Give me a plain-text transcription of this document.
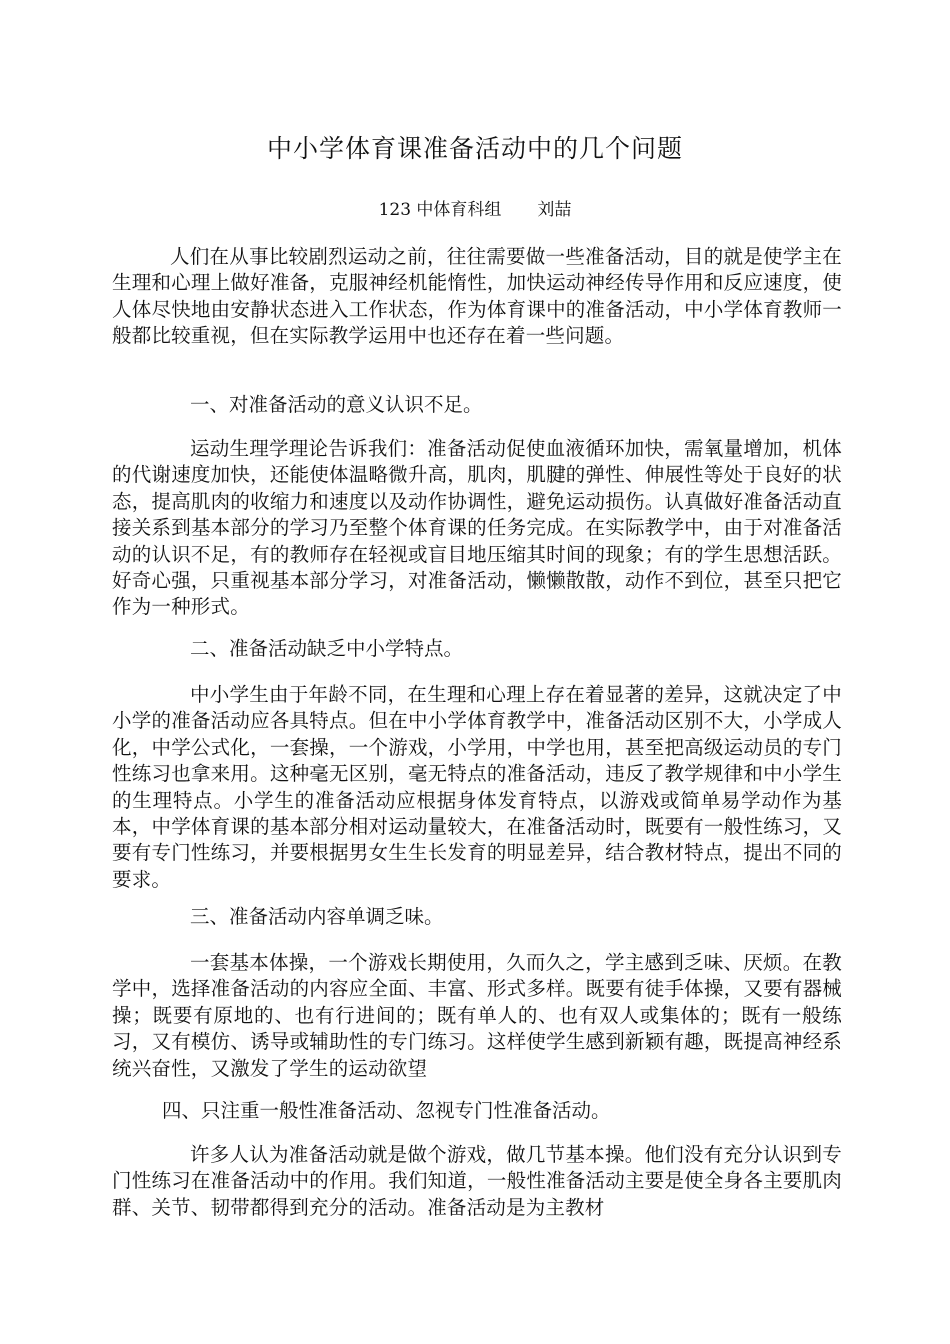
中小学体育课准备活动中的几个问题
123 中体育科组 刘喆

人们在从事比较剧烈运动之前，往往需要做一些准备活动，目的就是使学主在生理和心理上做好准备，克服神经机能惰性，加快运动神经传导作用和反应速度，使人体尽快地由安静状态进入工作状态，作为体育课中的准备活动，中小学体育教师一般都比较重视，但在实际教学运用中也还存在着一些问题。

一、对准备活动的意义认识不足。

运动生理学理论告诉我们：准备活动促使血液循环加快，需氧量增加，机体的代谢速度加快，还能使体温略微升高，肌肉，肌腱的弹性、伸展性等处于良好的状态，提高肌肉的收缩力和速度以及动作协调性，避免运动损伤。认真做好准备活动直接关系到基本部分的学习乃至整个体育课的任务完成。在实际教学中，由于对准备活动的认识不足，有的教师存在轻视或盲目地压缩其时间的现象；有的学生思想活跃。好奇心强，只重视基本部分学习，对准备活动，懒懒散散，动作不到位，甚至只把它作为一种形式。

二、准备活动缺乏中小学特点。

中小学生由于年龄不同，在生理和心理上存在着显著的差异，这就决定了中小学的准备活动应各具特点。但在中小学体育教学中，准备活动区别不大，小学成人化，中学公式化，一套操，一个游戏，小学用，中学也用，甚至把高级运动员的专门性练习也拿来用。这种毫无区别，毫无特点的准备活动，违反了教学规律和中小学生的生理特点。小学生的准备活动应根据身体发育特点，以游戏或简单易学动作为基本，中学体育课的基本部分相对运动量较大，在准备活动时，既要有一般性练习，又要有专门性练习，并要根据男女生生长发育的明显差异，结合教材特点，提出不同的要求。

三、准备活动内容单调乏味。

一套基本体操，一个游戏长期使用，久而久之，学主感到乏味、厌烦。在教学中，选择准备活动的内容应全面、丰富、形式多样。既要有徒手体操，又要有器械操；既要有原地的、也有行进间的；既有单人的、也有双人或集体的；既有一般练习，又有模仿、诱导或辅助性的专门练习。这样使学生感到新颖有趣，既提高神经系统兴奋性，又激发了学生的运动欲望

四、只注重一般性准备活动、忽视专门性准备活动。

许多人认为准备活动就是做个游戏，做几节基本操。他们没有充分认识到专门性练习在准备活动中的作用。我们知道，一般性准备活动主要是使全身各主要肌肉群、关节、韧带都得到充分的活动。准备活动是为主教材
